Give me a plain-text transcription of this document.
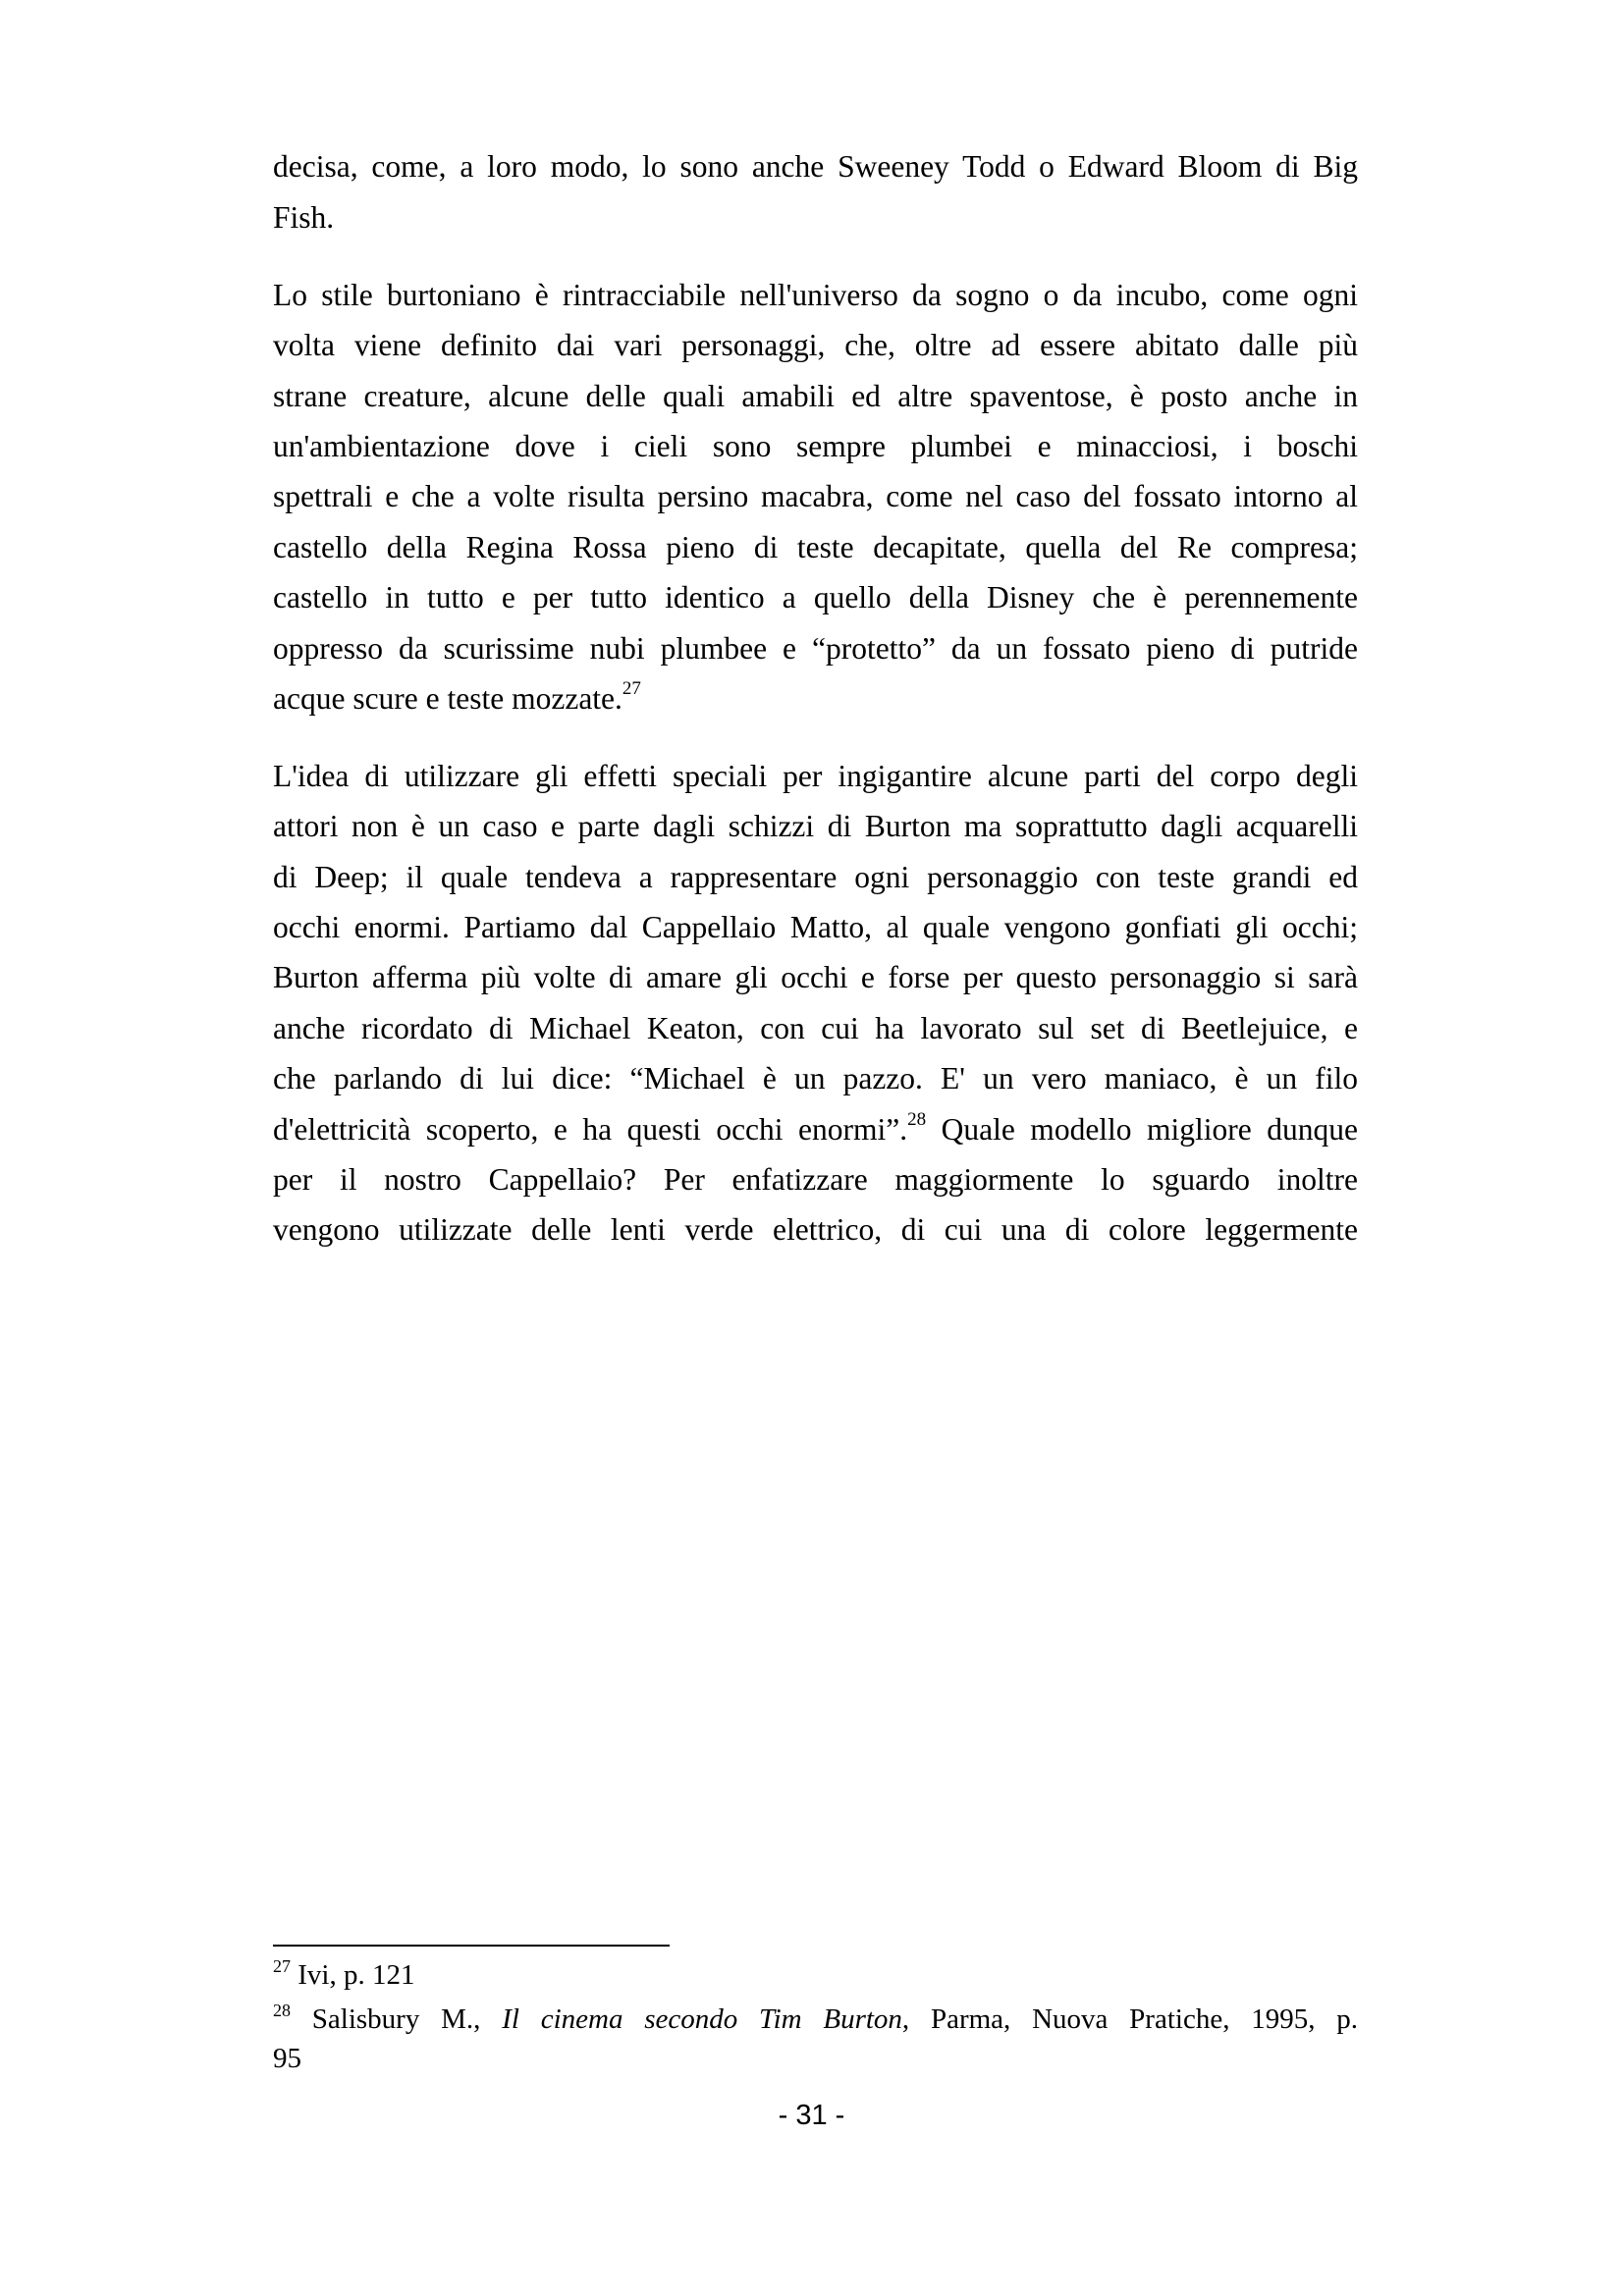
decisa, come, a loro modo, lo sono anche Sweeney Todd o Edward Bloom di Big
Fish.
Lo stile burtoniano è rintracciabile nell'universo da sogno o da incubo, come ogni
volta viene definito dai vari personaggi, che, oltre ad essere abitato dalle più
strane creature, alcune delle quali amabili ed altre spaventose, è posto anche in
un'ambientazione dove i cieli sono sempre plumbei e minacciosi, i boschi
spettrali e che a volte risulta persino macabra, come nel caso del fossato intorno al
castello della Regina Rossa pieno di teste decapitate, quella del Re compresa;
castello in tutto e per tutto identico a quello della Disney che è perennemente
oppresso da scurissime nubi plumbee e “protetto” da un fossato pieno di putride
acque scure e teste mozzate.$^{27}$
L'idea di utilizzare gli effetti speciali per ingigantire alcune parti del corpo degli
attori non è un caso e parte dagli schizzi di Burton ma soprattutto dagli acquarelli
di Deep; il quale tendeva a rappresentare ogni personaggio con teste grandi ed
occhi enormi. Partiamo dal Cappellaio Matto, al quale vengono gonfiati gli occhi;
Burton afferma più volte di amare gli occhi e forse per questo personaggio si sarà
anche ricordato di Michael Keaton, con cui ha lavorato sul set di Beetlejuice, e
che parlando di lui dice: “Michael è un pazzo. E' un vero maniaco, è un filo
d'elettricità scoperto, e ha questi occhi enormi”.$^{28}$ Quale modello migliore dunque
per il nostro Cappellaio? Per enfatizzare maggiormente lo sguardo inoltre
vengono utilizzate delle lenti verde elettrico, di cui una di colore leggermente
$^{27}$ Ivi, p. 121
$^{28}$ Salisbury M., Il cinema secondo Tim Burton, Parma, Nuova Pratiche, 1995, p.
95
- 31 -
